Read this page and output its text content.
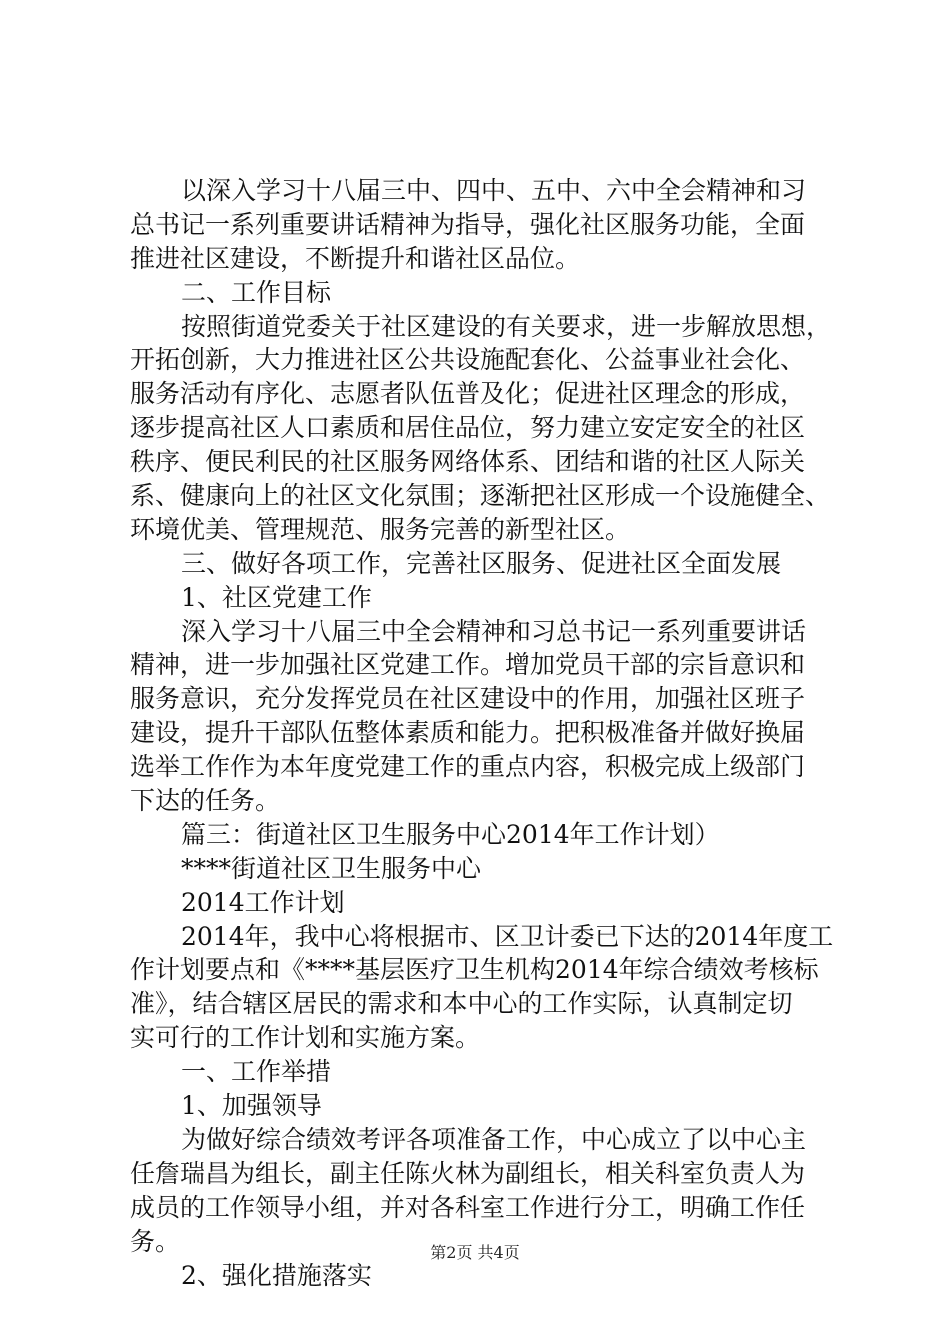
以深入学习十八届三中、四中、五中、六中全会精神和习
总书记一系列重要讲话精神为指导，强化社区服务功能，全面
推进社区建设，不断提升和谐社区品位。
二、工作目标
按照街道党委关于社区建设的有关要求，进一步解放思想，
开拓创新，大力推进社区公共设施配套化、公益事业社会化、
服务活动有序化、志愿者队伍普及化；促进社区理念的形成，
逐步提高社区人口素质和居住品位，努力建立安定安全的社区
秩序、便民利民的社区服务网络体系、团结和谐的社区人际关
系、健康向上的社区文化氛围；逐渐把社区形成一个设施健全、
环境优美、管理规范、服务完善的新型社区。
三、做好各项工作，完善社区服务、促进社区全面发展
1、社区党建工作
深入学习十八届三中全会精神和习总书记一系列重要讲话
精神，进一步加强社区党建工作。增加党员干部的宗旨意识和
服务意识，充分发挥党员在社区建设中的作用，加强社区班子
建设，提升干部队伍整体素质和能力。把积极准备并做好换届
选举工作作为本年度党建工作的重点内容，积极完成上级部门
下达的任务。
篇三：街道社区卫生服务中心2014年工作计划）
****街道社区卫生服务中心
2014工作计划
2014年，我中心将根据市、区卫计委已下达的2014年度工
作计划要点和《****基层医疗卫生机构2014年综合绩效考核标
准》，结合辖区居民的需求和本中心的工作实际，认真制定切
实可行的工作计划和实施方案。
一、工作举措
1、加强领导
为做好综合绩效考评各项准备工作，中心成立了以中心主
任詹瑞昌为组长，副主任陈火林为副组长，相关科室负责人为
成员的工作领导小组，并对各科室工作进行分工，明确工作任
务。
2、强化措施落实
第2页 共4页
